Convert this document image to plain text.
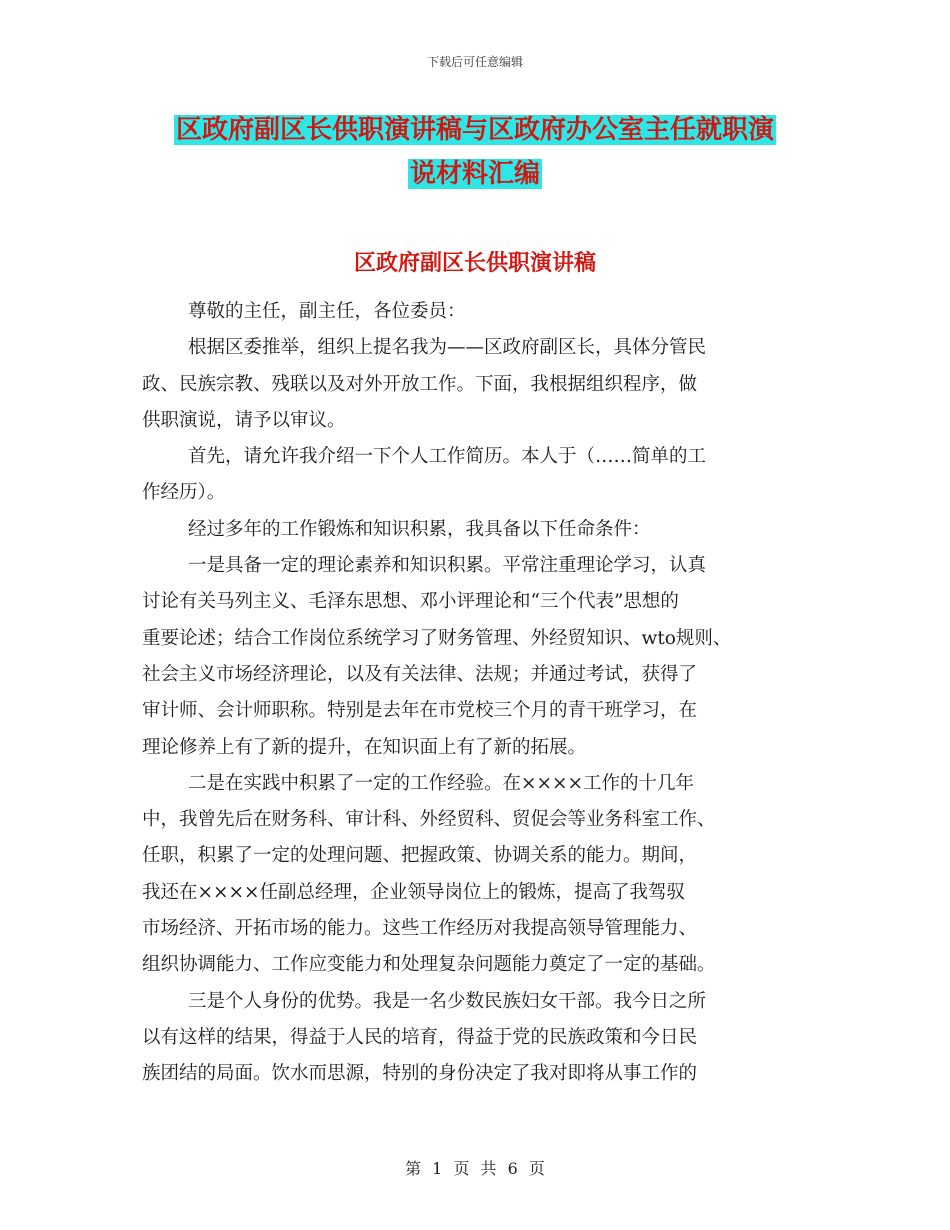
下载后可任意编辑
区政府副区长供职演讲稿与区政府办公室主任就职演
说材料汇编
区政府副区长供职演讲稿
尊敬的主任，副主任，各位委员：
根据区委推举，组织上提名我为——区政府副区长，具体分管民
政、民族宗教、残联以及对外开放工作。下面，我根据组织程序，做
供职演说，请予以审议。
首先，请允许我介绍一下个人工作简历。本人于（……简单的工
作经历）。
经过多年的工作锻炼和知识积累，我具备以下任命条件：
一是具备一定的理论素养和知识积累。平常注重理论学习，认真
讨论有关马列主义、毛泽东思想、邓小评理论和“三个代表”思想的
重要论述；结合工作岗位系统学习了财务管理、外经贸知识、wto规则、
社会主义市场经济理论，以及有关法律、法规；并通过考试，获得了
审计师、会计师职称。特别是去年在市党校三个月的青干班学习，在
理论修养上有了新的提升，在知识面上有了新的拓展。
二是在实践中积累了一定的工作经验。在××××工作的十几年
中，我曾先后在财务科、审计科、外经贸科、贸促会等业务科室工作、
任职，积累了一定的处理问题、把握政策、协调关系的能力。期间，
我还在××××任副总经理，企业领导岗位上的锻炼，提高了我驾驭
市场经济、开拓市场的能力。这些工作经历对我提高领导管理能力、
组织协调能力、工作应变能力和处理复杂问题能力奠定了一定的基础。
三是个人身份的优势。我是一名少数民族妇女干部。我今日之所
以有这样的结果，得益于人民的培育，得益于党的民族政策和今日民
族团结的局面。饮水而思源，特别的身份决定了我对即将从事工作的
第 1 页 共 6 页
